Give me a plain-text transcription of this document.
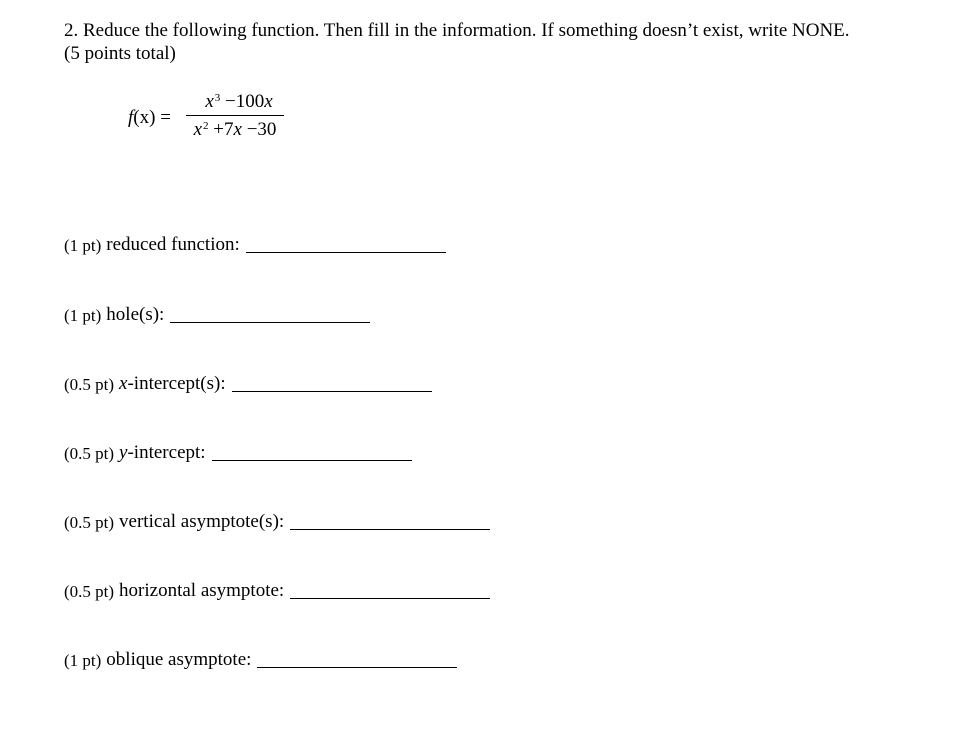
2. Reduce the following function. Then fill in the information. If something doesn’t exist, write NONE.
(5 points total)
f(x) =
$x^3 -100x$
$x^2 +7x -30$
(1 pt) reduced function:
(1 pt) hole(s):
(0.5 pt) x-intercept(s):
(0.5 pt) y-intercept:
(0.5 pt) vertical asymptote(s):
(0.5 pt) horizontal asymptote:
(1 pt) oblique asymptote:
